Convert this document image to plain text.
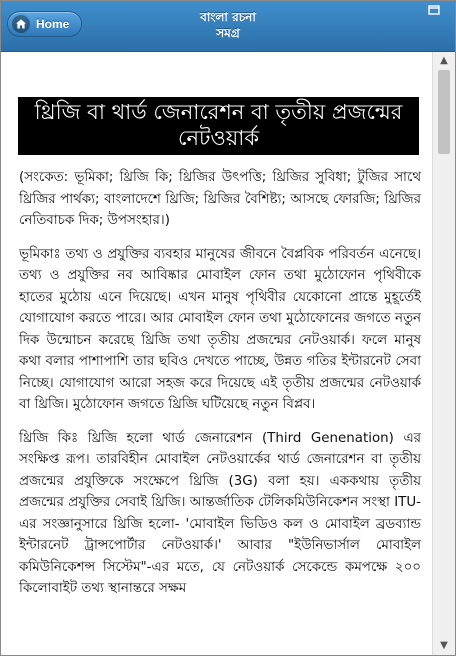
Home	বাংলা রচনা
সমগ্র
থ্রিজি বা থার্ড জেনারেশন বা তৃতীয় প্রজন্মের নেটওয়ার্ক

(সংকেত: ভূমিকা; থ্রিজি কি; থ্রিজির উৎপত্তি; থ্রিজির সুবিধা; টুজির সাথে থ্রিজির পার্থক্য; বাংলাদেশে থ্রিজি; থ্রিজির বৈশিষ্ট্য; আসছে ফোরজি; থ্রিজির নেতিবাচক দিক; উপসংহার।)

ভূমিকাঃ তথ্য ও প্রযুক্তির ব্যবহার মানুষের জীবনে বৈপ্লবিক পরিবর্তন এনেছে। তথ্য ও প্রযুক্তির নব আবিষ্কার মোবাইল ফোন তথা মুঠোফোন পৃথিবীকে হাতের মুঠোয় এনে দিয়েছে। এখন মানুষ পৃথিবীর যেকোনো প্রান্তে মুহূর্তেই যোগাযোগ করতে পারে। আর মোবাইল ফোন তথা মুঠোফোনের জগতে নতুন দিক উন্মোচন করেছে থ্রিজি তথা তৃতীয় প্রজন্মের নেটওয়ার্ক। ফলে মানুষ কথা বলার পাশাপাশি তার ছবিও দেখতে পাচ্ছে, উন্নত গতির ইন্টারনেট সেবা নিচ্ছে। যোগাযোগ আরো সহজ করে দিয়েছে এই তৃতীয় প্রজন্মের নেটওয়ার্ক বা থ্রিজি। মুঠোফোন জগতে থ্রিজি ঘটিয়েছে নতুন বিপ্লব।

থ্রিজি কিঃ থ্রিজি হলো থার্ড জেনারেশন (Third Genenation) এর সংক্ষিপ্ত রূপ। তারবিহীন মোবাইল নেটওয়ার্কের থার্ড জেনারেশন বা তৃতীয় প্রজন্মের প্রযুক্তিকে সংক্ষেপে থ্রিজি (3G) বলা হয়। এককথায় তৃতীয় প্রজন্মের প্রযুক্তির সেবাই থ্রিজি। আন্তর্জাতিক টেলিকমিউনিকেশন সংস্থা ITU-এর সংজ্ঞানুসারে থ্রিজি হলো- 'মোবাইল ভিডিও কল ও মোবাইল ব্রডব্যান্ড ইন্টারনেট ট্রান্সপোর্টার নেটওয়ার্ক।' আবার "ইউনিভার্সাল মোবাইল কমিউনিকেশন্স সিস্টেম"-এর মতে, যে নেটওয়ার্ক সেকেন্ডে কমপক্ষে ২০০ কিলোবাইট তথ্য স্থানান্তরে সক্ষম

▲
▼
